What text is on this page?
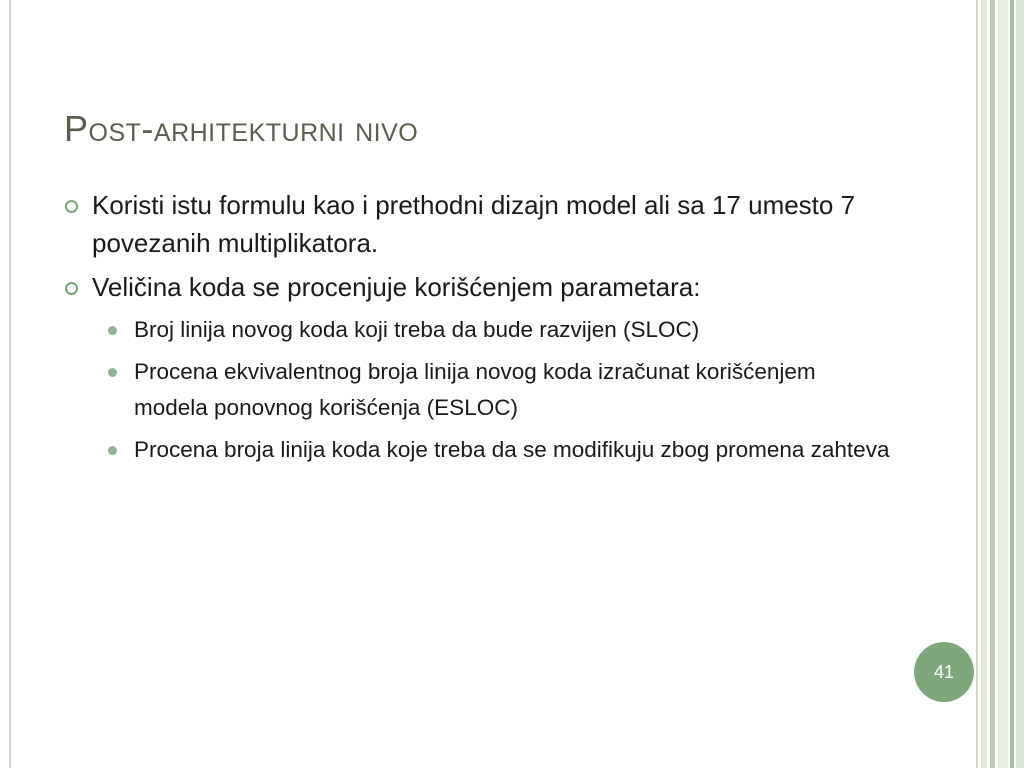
Post-arhitekturni nivo
Koristi istu formulu kao i prethodni dizajn model ali sa 17 umesto 7 povezanih multiplikatora.
Veličina koda se procenjuje korišćenjem parametara:
Broj linija novog koda koji treba da bude razvijen (SLOC)
Procena ekvivalentnog broja linija novog koda izračunat korišćenjem modela ponovnog korišćenja (ESLOC)
Procena broja linija koda koje treba da se modifikuju zbog promena zahteva
41
